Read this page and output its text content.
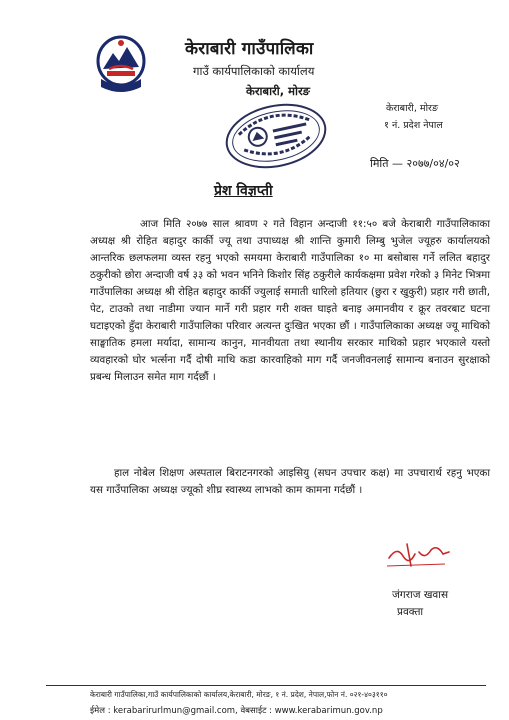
केराबारी गाउँपालिका
गाउँ कार्यपालिकाको कार्यालय
केराबारी, मोरङ
केराबारी, मोरङ
१ नं. प्रदेश नेपाल
मिति — २०७७/०४/०२
प्रेश विज्ञप्ती
आज मिति २०७७ साल श्रावण २ गते विहान अन्दाजी ११:५० बजे केराबारी गाउँपालिकाका अध्यक्ष श्री रोहित बहादुर कार्की ज्यू तथा उपाध्यक्ष श्री शान्ति कुमारी लिम्बु भुजेल ज्यूहरु कार्यालयको आन्तरिक छलफलमा व्यस्त रहनु भएको समयमा केराबारी गाउँपालिका १० मा बसोबास गर्ने ललित बहादुर ठकुरीको छोरा अन्दाजी वर्ष ३३ को भवन भनिने किशोर सिंह ठकुरीले कार्यकक्षमा प्रवेश गरेको ३ मिनेट भित्रमा गाउँपालिका अध्यक्ष श्री रोहित बहादुर कार्की ज्युलाई समाती धारिलो हतियार (छुरा र खुकुरी) प्रहार गरी छाती, पेट, टाउको तथा नाडीमा ज्यान मार्ने गरी प्रहार गरी शक्त घाइते बनाइ अमानवीय र क्रूर तवरबाट घटना घटाइएको हुँदा केराबारी गाउँपालिका परिवार अत्यन्त दुःखित भएका छौं । गाउँपालिकाका अध्यक्ष ज्यू माथिको साङ्घातिक हमला मर्यादा, सामान्य कानुन, मानवीयता तथा स्थानीय सरकार माथिको प्रहार भएकाले यस्तो व्यवहारको घोर भर्त्सना गर्दै दोषी माथि कडा कारवाहिको माग गर्दै जनजीवनलाई सामान्य बनाउन सुरक्षाको प्रबन्ध मिलाउन समेत माग गर्दछौं ।
हाल नोबेल शिक्षण अस्पताल बिराटनगरको आइसियु (सघन उपचार कक्ष) मा उपचारार्थ रहनु भएका यस गाउँपालिका अध्यक्ष ज्यूको शीघ्र स्वास्थ्य लाभको काम कामना गर्दछौं ।
जंगराज खवास
प्रवक्ता
केराबारी गाउँपालिका,गाउँ कार्यपालिकाको कार्यालय,केराबारी, मोरङ, १ नं. प्रदेश, नेपाल,फोन नं. ०२१-४०३११०
ईमेल : kerabarirurlmun@gmail.com, वेबसाईट : www.kerabarimun.gov.np
